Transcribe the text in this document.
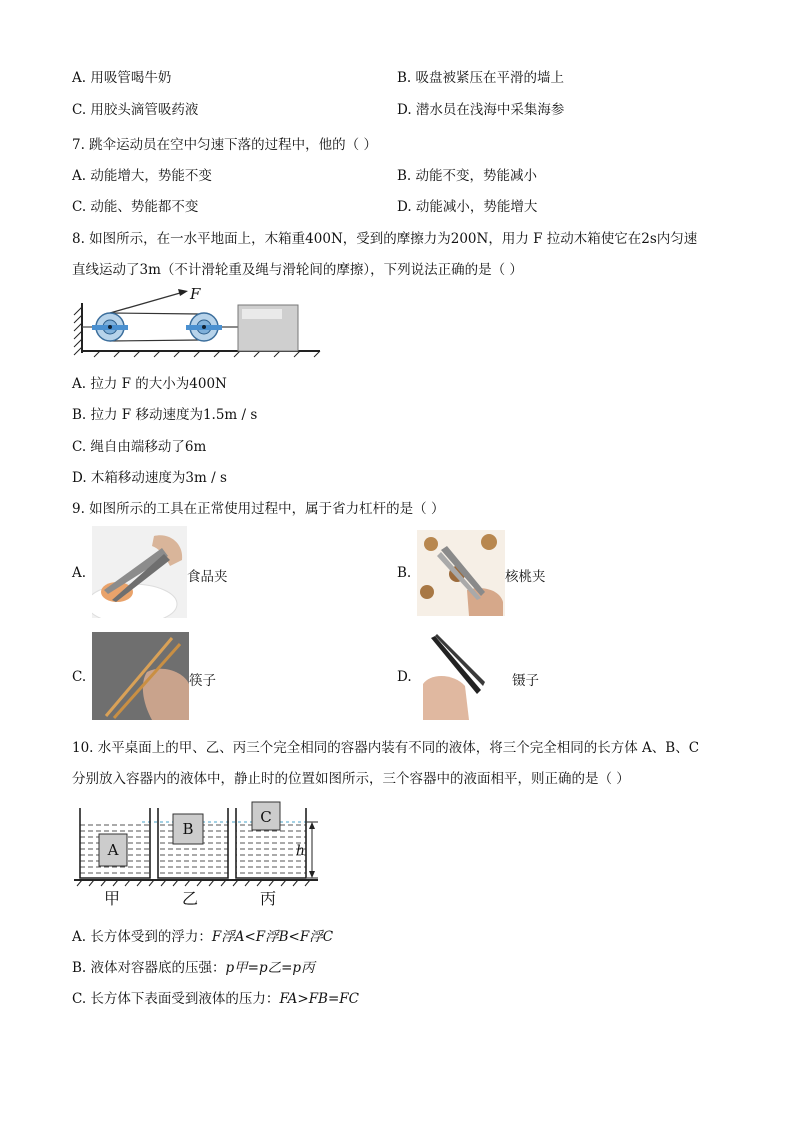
A. 用吸管喝牛奶	B. 吸盘被紧压在平滑的墙上
C. 用胶头滴管吸药液	D. 潜水员在浅海中采集海参
7. 跳伞运动员在空中匀速下落的过程中，他的（ ）
A. 动能增大，势能不变	B. 动能不变，势能减小
C. 动能、势能都不变	D. 动能减小，势能增大
8. 如图所示，在一水平地面上，木箱重400N，受到的摩擦力为200N，用力 F 拉动木箱使它在2s内匀速
直线运动了3m（不计滑轮重及绳与滑轮间的摩擦），下列说法正确的是（ ）
F
A. 拉力 F 的大小为400N
B. 拉力 F 移动速度为1.5m / s
C. 绳自由端移动了6m
D. 木箱移动速度为3m / s
9. 如图所示的工具在正常使用过程中，属于省力杠杆的是（ ）
A.	食品夹	B.	核桃夹
C.	筷子	D.	镊子
10. 水平桌面上的甲、乙、丙三个完全相同的容器内装有不同的液体，将三个完全相同的长方体 A、B、C
分别放入容器内的液体中，静止时的位置如图所示，三个容器中的液面相平，则正确的是（ ）
A
B
C
h
甲	乙	丙
A. 长方体受到的浮力：F浮A<F浮B<F浮C
B. 液体对容器底的压强：p甲=p乙=p丙
C. 长方体下表面受到液体的压力：FA>FB=FC
